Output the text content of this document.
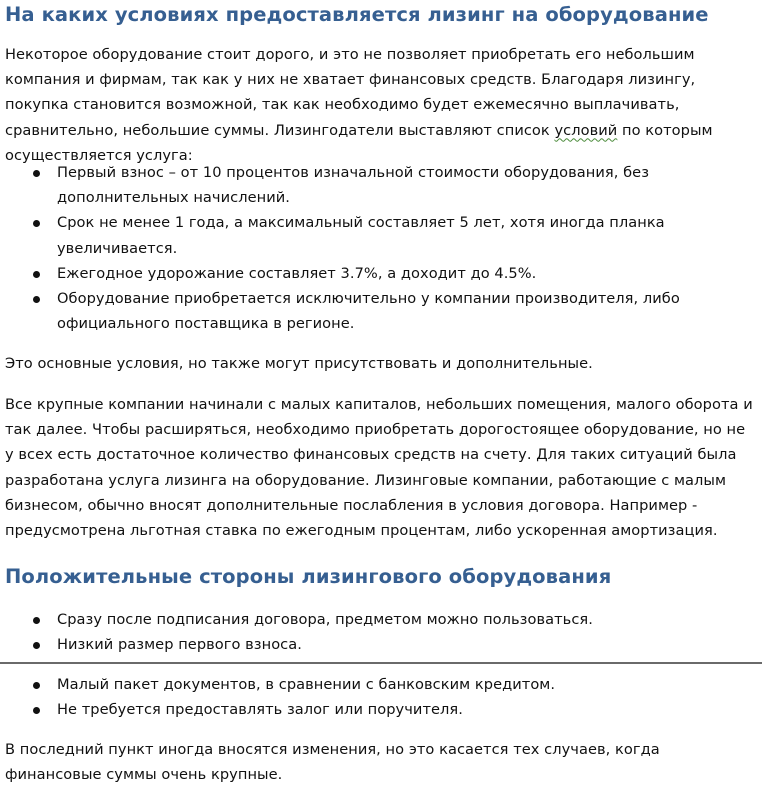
На каких условиях предоставляется лизинг на оборудование

Некоторое оборудование стоит дорого, и это не позволяет приобретать его небольшим компания и фирмам, так как у них не хватает финансовых средств. Благодаря лизингу, покупка становится возможной, так как необходимо будет ежемесячно выплачивать, сравнительно, небольшие суммы. Лизингодатели выставляют список условий по которым осуществляется услуга:

Первый взнос – от 10 процентов изначальной стоимости оборудования, без дополнительных начислений.
Срок не менее 1 года, а максимальный составляет 5 лет, хотя иногда планка увеличивается.
Ежегодное удорожание составляет 3.7%, а доходит до 4.5%.
Оборудование приобретается исключительно у компании производителя, либо официального поставщика в регионе.

Это основные условия, но также могут присутствовать и дополнительные.

Все крупные компании начинали с малых капиталов, небольших помещения, малого оборота и так далее. Чтобы расширяться, необходимо приобретать дорогостоящее оборудование, но не у всех есть достаточное количество финансовых средств на счету. Для таких ситуаций была разработана услуга лизинга на оборудование. Лизинговые компании, работающие с малым бизнесом, обычно вносят дополнительные послабления в условия договора. Например - предусмотрена льготная ставка по ежегодным процентам, либо ускоренная амортизация.

Положительные стороны лизингового оборудования
Сразу после подписания договора, предметом можно пользоваться.
Низкий размер первого взноса.
Малый пакет документов, в сравнении с банковским кредитом.
Не требуется предоставлять залог или поручителя.

В последний пункт иногда вносятся изменения, но это касается тех случаев, когда финансовые суммы очень крупные.
